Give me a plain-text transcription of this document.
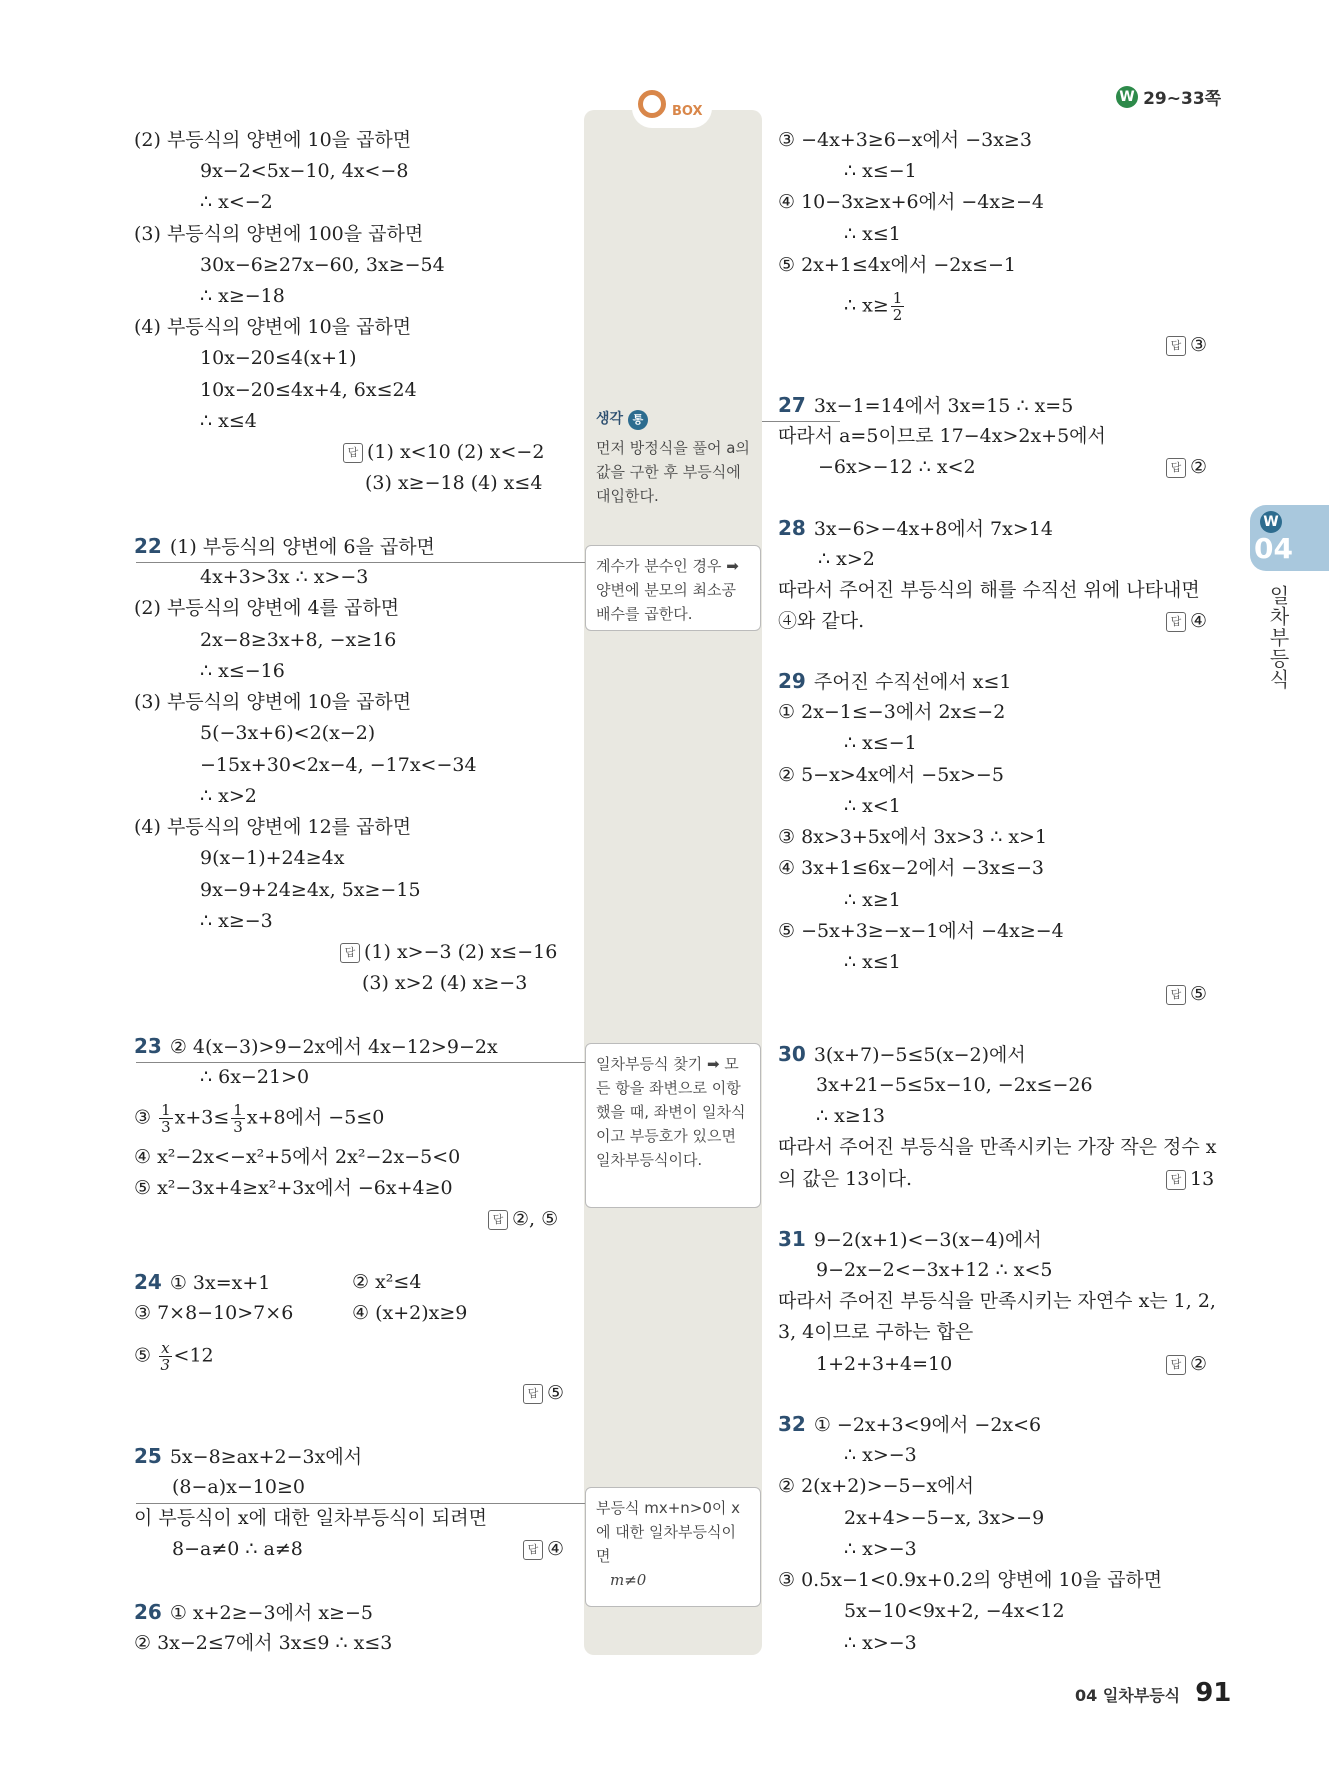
W 29~33쪽
BOX
생각 통
먼저 방정식을 풀어 a의 값을 구한 후 부등식에 대입한다.
계수가 분수인 경우 ➡ 양변에 분모의 최소공배수를 곱한다.
일차부등식 찾기 ➡ 모든 항을 좌변으로 이항했을 때, 좌변이 일차식이고 부등호가 있으면 일차부등식이다.
부등식 mx+n>0이 x에 대한 일차부등식이면
m≠0
(2) 부등식의 양변에 10을 곱하면
9x−2<5x−10, 4x<−8
∴ x<−2
(3) 부등식의 양변에 100을 곱하면
30x−6≥27x−60, 3x≥−54
∴ x≥−18
(4) 부등식의 양변에 10을 곱하면
10x−20≤4(x+1)
10x−20≤4x+4, 6x≤24
∴ x≤4
답 (1) x<10 (2) x<−2
(3) x≥−18 (4) x≤4
22 (1) 부등식의 양변에 6을 곱하면
4x+3>3x ∴ x>−3
(2) 부등식의 양변에 4를 곱하면
2x−8≥3x+8, −x≥16
∴ x≤−16
(3) 부등식의 양변에 10을 곱하면
5(−3x+6)<2(x−2)
−15x+30<2x−4, −17x<−34
∴ x>2
(4) 부등식의 양변에 12를 곱하면
9(x−1)+24≥4x
9x−9+24≥4x, 5x≥−15
∴ x≥−3
답 (1) x>−3 (2) x≤−16
(3) x>2 (4) x≥−3
23 ② 4(x−3)>9−2x에서 4x−12>9−2x
∴ 6x−21>0
③ $\frac{1}{3} x+3\le \frac{1}{3} x+8$에서 −5≤0
④ x²−2x<−x²+5에서 2x²−2x−5<0
⑤ x²−3x+4≥x²+3x에서 −6x+4≥0
답 ②, ⑤
24 ① 3x=x+1	② x²≤4
③ 7×8−10>7×6	④ (x+2)x≥9
⑤ $\frac{x}{3} <12$
답 ⑤
25 5x−8≥ax+2−3x에서
(8−a)x−10≥0
이 부등식이 x에 대한 일차부등식이 되려면
8−a≠0 ∴ a≠8	답 ④
26 ① x+2≥−3에서 x≥−5
② 3x−2≤7에서 3x≤9 ∴ x≤3
③ −4x+3≥6−x에서 −3x≥3
∴ x≤−1
④ 10−3x≥x+6에서 −4x≥−4
∴ x≤1
⑤ 2x+1≤4x에서 −2x≤−1
∴ $x\ge \frac{1}{2}$
답 ③
27 3x−1=14에서 3x=15 ∴ x=5
따라서 a=5이므로 17−4x>2x+5에서
−6x>−12 ∴ x<2	답 ②
28 3x−6>−4x+8에서 7x>14
∴ x>2
따라서 주어진 부등식의 해를 수직선 위에 나타내면
④와 같다.	답 ④
29 주어진 수직선에서 x≤1
① 2x−1≤−3에서 2x≤−2
∴ x≤−1
② 5−x>4x에서 −5x>−5
∴ x<1
③ 8x>3+5x에서 3x>3 ∴ x>1
④ 3x+1≤6x−2에서 −3x≤−3
∴ x≥1
⑤ −5x+3≥−x−1에서 −4x≥−4
∴ x≤1
답 ⑤
30 3(x+7)−5≤5(x−2)에서
3x+21−5≤5x−10, −2x≤−26
∴ x≥13
따라서 주어진 부등식을 만족시키는 가장 작은 정수 x
의 값은 13이다.	답 13
31 9−2(x+1)<−3(x−4)에서
9−2x−2<−3x+12 ∴ x<5
따라서 주어진 부등식을 만족시키는 자연수 x는 1, 2,
3, 4이므로 구하는 합은
1+2+3+4=10	답 ②
32 ① −2x+3<9에서 −2x<6
∴ x>−3
② 2(x+2)>−5−x에서
2x+4>−5−x, 3x>−9
∴ x>−3
③ 0.5x−1<0.9x+0.2의 양변에 10을 곱하면
5x−10<9x+2, −4x<12
∴ x>−3
W
04
일차부등식
04 일차부등식 91
